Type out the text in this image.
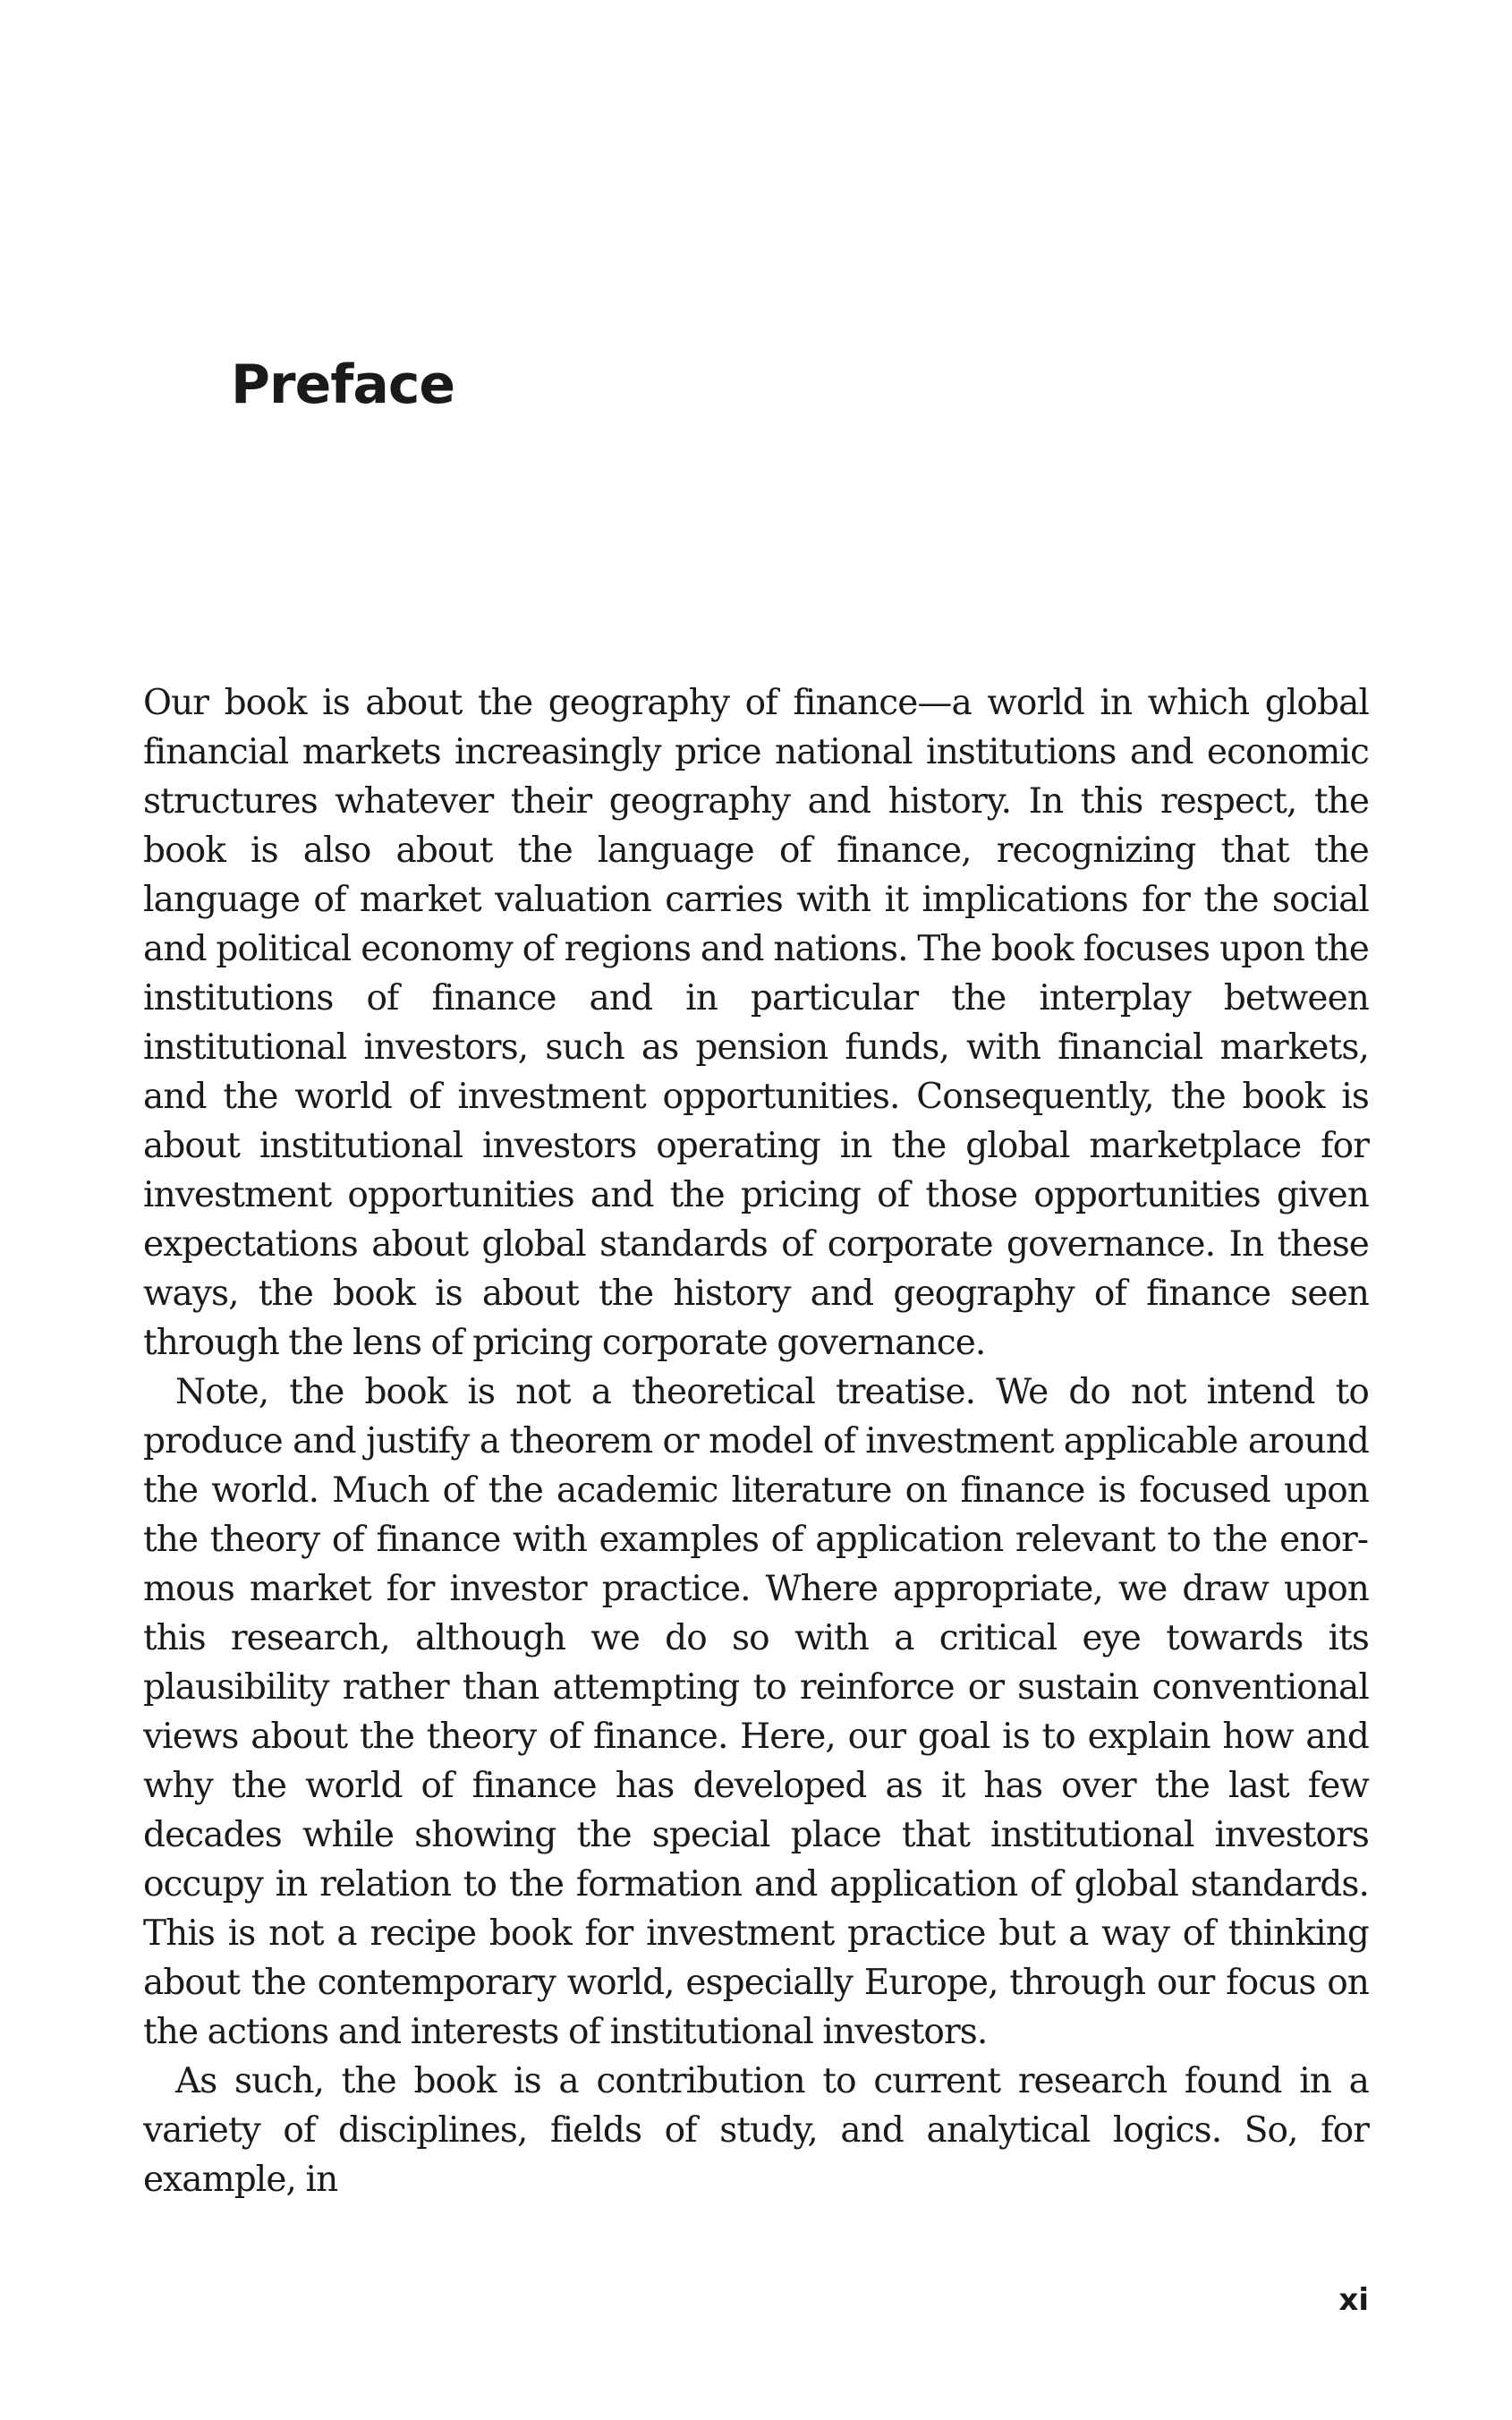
Preface

Our book is about the geography of finance—a world in which global financial markets increasingly price national institutions and economic structures whatever their geography and history. In this respect, the book is also about the language of finance, recognizing that the language of market valuation carries with it implications for the social and political economy of regions and nations. The book focuses upon the institutions of finance and in particular the interplay between institutional investors, such as pension funds, with financial markets, and the world of investment opportunities. Consequently, the book is about institutional investors operating in the global marketplace for investment opportunities and the pricing of those opportunities given expectations about global standards of corporate governance. In these ways, the book is about the history and geography of finance seen through the lens of pricing corporate governance.

Note, the book is not a theoretical treatise. We do not intend to produce and justify a theorem or model of investment applicable around the world. Much of the academic literature on finance is focused upon the theory of finance with examples of application relevant to the enormous market for investor practice. Where appropriate, we draw upon this research, although we do so with a critical eye towards its plausibility rather than attempting to reinforce or sustain conventional views about the theory of finance. Here, our goal is to explain how and why the world of finance has developed as it has over the last few decades while showing the special place that institutional investors occupy in relation to the formation and application of global standards. This is not a recipe book for investment practice but a way of thinking about the contemporary world, especially Europe, through our focus on the actions and interests of institutional investors.

As such, the book is a contribution to current research found in a variety of disciplines, fields of study, and analytical logics. So, for example, in

xi
